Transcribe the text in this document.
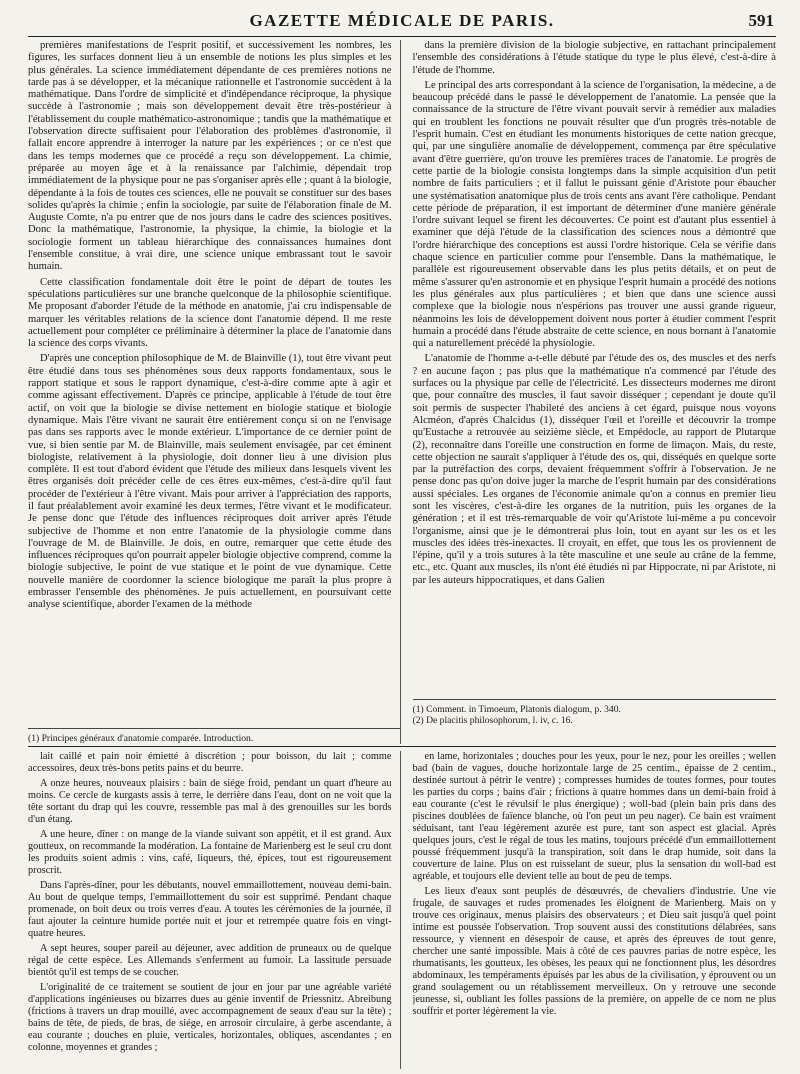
GAZETTE MÉDICALE DE PARIS.	591

premières manifestations de l'esprit positif, et successivement les nombres, les figures, les surfaces donnent lieu à un ensemble de notions les plus simples et les plus générales. La science immédiatement dépendante de ces premières notions ne tarde pas à se développer, et la mécanique rationnelle et l'astronomie succèdent à la mathématique. Dans l'ordre de simplicité et d'indépendance réciproque, la physique succède à l'astronomie ; mais son développement devait être très-postérieur à l'établissement du couple mathématico-astronomique ; tandis que la mathématique et l'observation directe suffisaient pour l'élaboration des problèmes d'astronomie, il fallait encore apprendre à interroger la nature par les expériences ; or ce n'est que dans les temps modernes que ce procédé a reçu son développement. La chimie, préparée au moyen âge et à la renaissance par l'alchimie, dépendait trop immédiatement de la physique pour ne pas s'organiser après elle ; quant à la biologie, dépendante à la fois de toutes ces sciences, elle ne pouvait se constituer sur des bases solides qu'après la chimie ; enfin la sociologie, par suite de l'élaboration finale de M. Auguste Comte, n'a pu entrer que de nos jours dans le cadre des sciences positives. Donc la mathématique, l'astronomie, la physique, la chimie, la biologie et la sociologie forment un tableau hiérarchique des connaissances humaines dont l'ensemble constitue, à vrai dire, une science unique embrassant tout le savoir humain.

Cette classification fondamentale doit être le point de départ de toutes les spéculations particulières sur une branche quelconque de la philosophie scientifique. Me proposant d'aborder l'étude de la méthode en anatomie, j'ai cru indispensable de marquer les véritables relations de la science dont l'anatomie dépend. Il me reste actuellement pour compléter ce préliminaire à déterminer la place de l'anatomie dans la science des corps vivants.

D'après une conception philosophique de M. de Blainville (1), tout être vivant peut être étudié dans tous ses phénomènes sous deux rapports fondamentaux, sous le rapport statique et sous le rapport dynamique, c'est-à-dire comme apte à agir et comme agissant effectivement. D'après ce principe, applicable à l'étude de tout être actif, on voit que la biologie se divise nettement en biologie statique et biologie dynamique. Mais l'être vivant ne saurait être entièrement conçu si on ne l'envisage pas dans ses rapports avec le monde extérieur. L'importance de ce dernier point de vue, si bien sentie par M. de Blainville, mais seulement envisagée, par cet éminent biologiste, relativement à la physiologie, doit donner lieu à une division plus complète. Il est tout d'abord évident que l'étude des milieux dans lesquels vivent les êtres organisés doit précéder celle de ces êtres eux-mêmes, c'est-à-dire qu'il faut procéder de l'extérieur à l'être vivant. Mais pour arriver à l'appréciation des rapports, il faut préalablement avoir examiné les deux termes, l'être vivant et le modificateur. Je pense donc que l'étude des influences réciproques doit arriver après l'étude subjective de l'homme et non entre l'anatomie de la physiologie comme dans l'ouvrage de M. de Blainville. Je dois, en outre, remarquer que cette étude des influences réciproques qu'on pourrait appeler biologie objective comprend, comme la biologie subjective, le point de vue statique et le point de vue dynamique. Cette nouvelle manière de coordonner la science biologique me paraît la plus propre à embrasser l'ensemble des phénomènes. Je puis actuellement, en poursuivant cette analyse scientifique, aborder l'examen de la méthode

(1) Principes généraux d'anatomie comparée. Introduction.

dans la première division de la biologie subjective, en rattachant principalement l'ensemble des considérations à l'étude statique du type le plus élevé, c'est-à-dire à l'étude de l'homme.

Le principal des arts correspondant à la science de l'organisation, la médecine, a de beaucoup précédé dans le passé le développement de l'anatomie. La pensée que la connaissance de la structure de l'être vivant pouvait servir à remédier aux maladies qui en troublent les fonctions ne pouvait résulter que d'un progrès très-notable de l'esprit humain. C'est en étudiant les monuments historiques de cette nation grecque, qui, par une singulière anomalie de développement, commença par être spéculative avant d'être guerrière, qu'on trouve les premières traces de l'anatomie. Le progrès de cette partie de la biologie consista longtemps dans la simple acquisition d'un petit nombre de faits particuliers ; et il fallut le puissant génie d'Aristote pour ébaucher une systématisation anatomique plus de trois cents ans avant l'ère catholique. Pendant cette période de préparation, il est important de déterminer d'une manière générale l'ordre suivant lequel se firent les découvertes. Ce point est d'autant plus essentiel à examiner que déjà l'étude de la classification des sciences nous a démontré que l'ordre hiérarchique des conceptions est aussi l'ordre historique. Cela se vérifie dans chaque science en particulier comme pour l'ensemble. Dans la mathématique, le parallèle est rigoureusement observable dans les plus petits détails, et on peut de même s'assurer qu'en astronomie et en physique l'esprit humain a procédé des notions les plus générales aux plus particulières ; et bien que dans une science aussi complexe que la biologie nous n'espérions pas trouver une aussi grande rigueur, néanmoins les lois de développement doivent nous porter à étudier comment l'esprit humain a procédé dans l'étude abstraite de cette science, en nous bornant à l'anatomie qui a naturellement précédé la physiologie.

L'anatomie de l'homme a-t-elle débuté par l'étude des os, des muscles et des nerfs ? en aucune façon ; pas plus que la mathématique n'a commencé par l'étude des surfaces ou la physique par celle de l'électricité. Les dissecteurs modernes me diront que, pour connaître des muscles, il faut savoir disséquer ; cependant je doute qu'il soit permis de suspecter l'habileté des anciens à cet égard, puisque nous voyons Alcméon, d'après Chalcidus (1), disséquer l'œil et l'oreille et découvrir la trompe qu'Eustache a retrouvée au seizième siècle, et Empédocle, au rapport de Plutarque (2), reconnaître dans l'oreille une construction en forme de limaçon. Mais, du reste, cette objection ne saurait s'appliquer à l'étude des os, qui, disséqués en quelque sorte par la putréfaction des corps, devaient fréquemment s'offrir à l'observation. Je ne pense donc pas qu'on doive juger la marche de l'esprit humain par des considérations aussi spéciales. Les organes de l'économie animale qu'on a connus en premier lieu sont les viscères, c'est-à-dire les organes de la nutrition, puis les organes de la génération ; et il est très-remarquable de voir qu'Aristote lui-même a pu concevoir l'organisme, ainsi que je le démontrerai plus loin, tout en ayant sur les os et les muscles des idées très-inexactes. Il croyait, en effet, que tous les os proviennent de l'épine, qu'il y a trois sutures à la tête masculine et une seule au crâne de la femme, etc., etc. Quant aux muscles, ils n'ont été étudiés ni par Hippocrate, ni par Aristote, ni par les auteurs hippocratiques, et dans Galien

(1) Comment. in Timoeum, Platonis dialogum, p. 340.
(2) De placitis philosophorum, l. iv, c. 16.

lait caillé et pain noir émietté à discrétion ; pour boisson, du lait ; comme accessoires, deux très-bons petits pains et du beurre.

A onze heures, nouveaux plaisirs : bain de siége froid, pendant un quart d'heure au moins. Ce cercle de kurgasts assis à terre, le derrière dans l'eau, dont on ne voit que la tête sortant du drap qui les couvre, ressemble pas mal à des grenouilles sur les bords d'un étang.

A une heure, dîner : on mange de la viande suivant son appétit, et il est grand. Aux goutteux, on recommande la modération. La fontaine de Marienberg est le seul cru dont les produits soient admis : vins, café, liqueurs, thé, épices, tout est rigoureusement proscrit.

Dans l'après-dîner, pour les débutants, nouvel emmaillottement, nouveau demi-bain. Au bout de quelque temps, l'emmaillottement du soir est supprimé. Pendant chaque promenade, on boit deux ou trois verres d'eau. A toutes les cérémonies de la journée, il faut ajouter la ceinture humide portée nuit et jour et retrempée quatre fois en vingt-quatre heures.

A sept heures, souper pareil au déjeuner, avec addition de pruneaux ou de quelque régal de cette espèce. Les Allemands s'enferment au fumoir. La lassitude persuade bientôt qu'il est temps de se coucher.

L'originalité de ce traitement se soutient de jour en jour par une agréable variété d'applications ingénieuses ou bizarres dues au génie inventif de Priessnitz. Abreibung (frictions à travers un drap mouillé, avec accompagnement de seaux d'eau sur la tête) ; bains de tête, de pieds, de bras, de siége, en arrosoir circulaire, à gerbe ascendante, à eau courante ; douches en pluie, verticales, horizontales, obliques, ascendantes ; en colonne, moyennes et grandes ;

en lame, horizontales ; douches pour les yeux, pour le nez, pour les oreilles ; wellen bad (bain de vagues, douche horizontale large de 25 centim., épaisse de 2 centim., destinée surtout à pétrir le ventre) ; compresses humides de toutes formes, pour toutes les parties du corps ; bains d'air ; frictions à quatre hommes dans un demi-bain froid à eau courante (c'est le révulsif le plus énergique) ; woll-bad (plein bain pris dans des piscines doublées de faïence blanche, où l'on peut un peu nager). Ce bain est vraiment séduisant, tant l'eau légèrement azurée est pure, tant son aspect est glacial. Après quelques jours, c'est le régal de tous les matins, toujours précédé d'un emmaillottement poussé fréquemment jusqu'à la transpiration, soit dans le drap humide, soit dans la couverture de laine. Plus on est ruisselant de sueur, plus la sensation du woll-bad est agréable, et toujours elle devient telle au bout de peu de temps.

Les lieux d'eaux sont peuplés de désœuvrés, de chevaliers d'industrie. Une vie frugale, de sauvages et rudes promenades les éloignent de Marienberg. Mais on y trouve ces originaux, menus plaisirs des observateurs ; et Dieu sait jusqu'à quel point intime est poussée l'observation. Trop souvent aussi des constitutions délabrées, sans ressource, y viennent en désespoir de cause, et après des épreuves de tout genre, chercher une santé impossible. Mais à côté de ces pauvres parias de notre espèce, les rhumatisants, les goutteux, les obèses, les peaux qui ne fonctionnent plus, les désordres abdominaux, les tempéraments épuisés par les abus de la civilisation, y éprouvent ou un grand soulagement ou un rétablissement merveilleux. On y retrouve une seconde jeunesse, si, oubliant les folles passions de la première, on appelle de ce nom ne plus souffrir et porter légèrement la vie.
